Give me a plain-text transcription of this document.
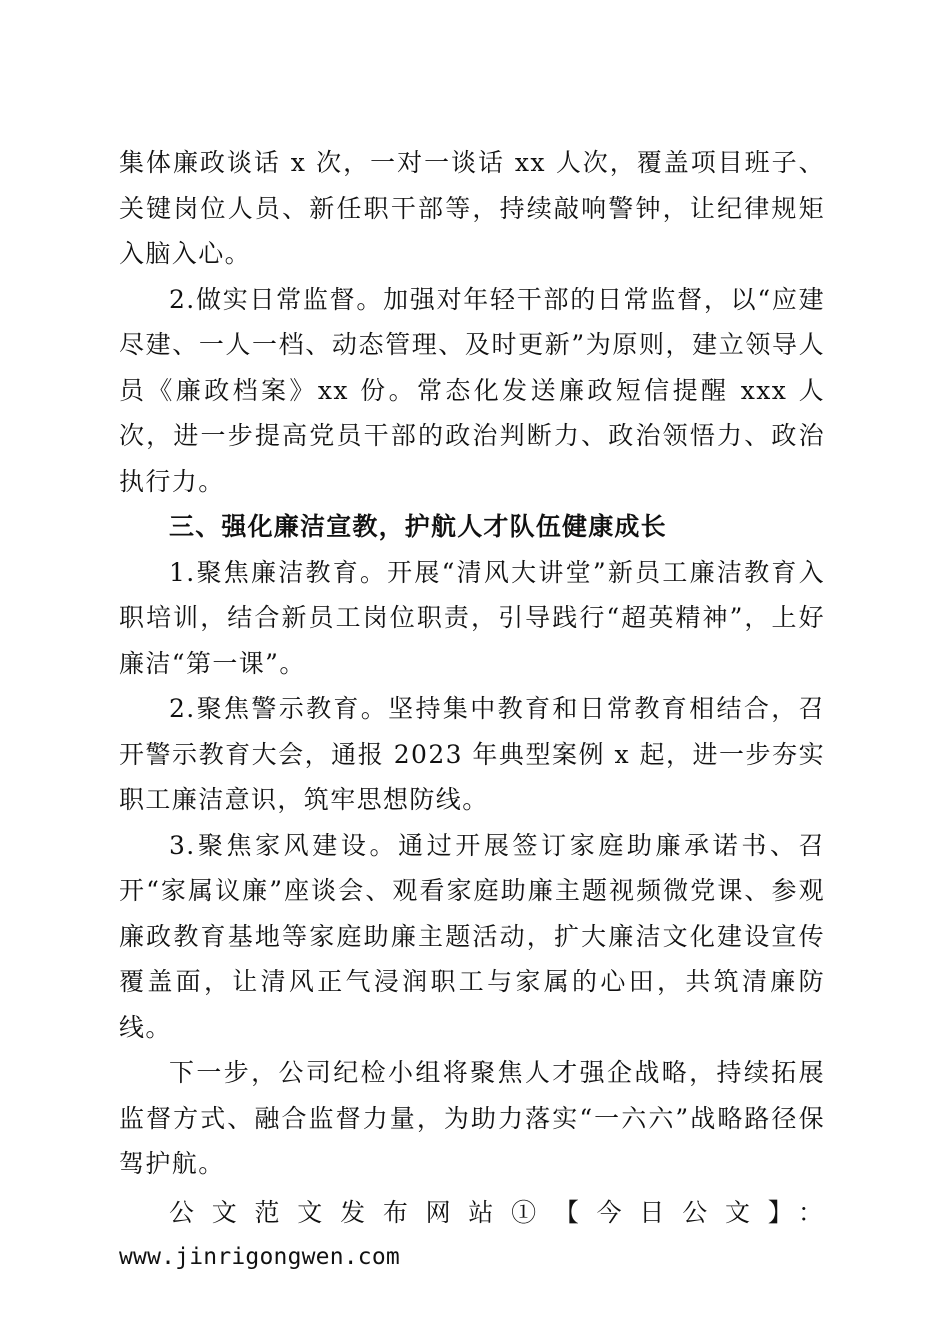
集体廉政谈话 x 次，一对一谈话 xx 人次，覆盖项目班子、关键岗位人员、新任职干部等，持续敲响警钟，让纪律规矩入脑入心。

2.做实日常监督。加强对年轻干部的日常监督，以“应建尽建、一人一档、动态管理、及时更新”为原则，建立领导人员《廉政档案》xx 份。常态化发送廉政短信提醒 xxx 人次，进一步提高党员干部的政治判断力、政治领悟力、政治执行力。

三、强化廉洁宣教，护航人才队伍健康成长

1.聚焦廉洁教育。开展“清风大讲堂”新员工廉洁教育入职培训，结合新员工岗位职责，引导践行“超英精神”，上好廉洁“第一课”。

2.聚焦警示教育。坚持集中教育和日常教育相结合，召开警示教育大会，通报 2023 年典型案例 x 起，进一步夯实职工廉洁意识，筑牢思想防线。

3.聚焦家风建设。通过开展签订家庭助廉承诺书、召开“家属议廉”座谈会、观看家庭助廉主题视频微党课、参观廉政教育基地等家庭助廉主题活动，扩大廉洁文化建设宣传覆盖面，让清风正气浸润职工与家属的心田，共筑清廉防线。

下一步，公司纪检小组将聚焦人才强企战略，持续拓展监督方式、融合监督力量，为助力落实“一六六”战略路径保驾护航。

公文范文发布网站①【今日公文】：

www.jinrigongwen.com
